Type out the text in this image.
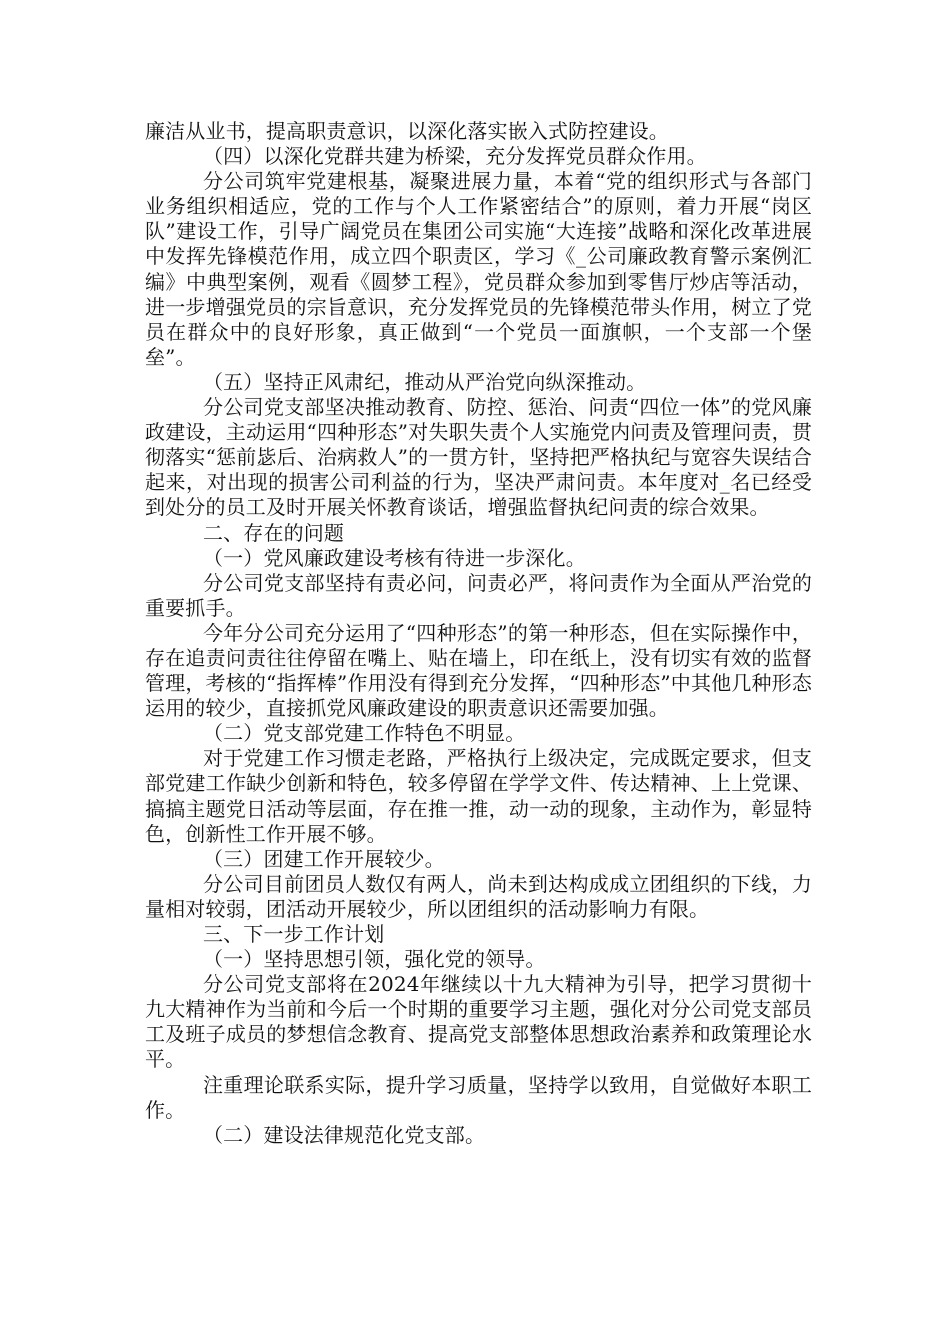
廉洁从业书，提高职责意识，以深化落实嵌入式防控建设。

（四）以深化党群共建为桥梁，充分发挥党员群众作用。

分公司筑牢党建根基，凝聚进展力量，本着“党的组织形式与各部门业务组织相适应，党的工作与个人工作紧密结合”的原则，着力开展“岗区队”建设工作，引导广阔党员在集团公司实施“大连接”战略和深化改革进展中发挥先锋模范作用，成立四个职责区，学习《_公司廉政教育警示案例汇编》中典型案例，观看《圆梦工程》，党员群众参加到零售厅炒店等活动，进一步增强党员的宗旨意识，充分发挥党员的先锋模范带头作用，树立了党员在群众中的良好形象，真正做到“一个党员一面旗帜，一个支部一个堡垒”。

（五）坚持正风肃纪，推动从严治党向纵深推动。

分公司党支部坚决推动教育、防控、惩治、问责“四位一体”的党风廉政建设，主动运用“四种形态”对失职失责个人实施党内问责及管理问责，贯彻落实“惩前毖后、治病救人”的一贯方针，坚持把严格执纪与宽容失误结合起来，对出现的损害公司利益的行为，坚决严肃问责。本年度对_名已经受到处分的员工及时开展关怀教育谈话，增强监督执纪问责的综合效果。

二、存在的问题

（一）党风廉政建设考核有待进一步深化。

分公司党支部坚持有责必问，问责必严，将问责作为全面从严治党的重要抓手。

今年分公司充分运用了“四种形态”的第一种形态，但在实际操作中，存在追责问责往往停留在嘴上、贴在墙上，印在纸上，没有切实有效的监督管理，考核的“指挥棒”作用没有得到充分发挥，“四种形态”中其他几种形态运用的较少，直接抓党风廉政建设的职责意识还需要加强。

（二）党支部党建工作特色不明显。

对于党建工作习惯走老路，严格执行上级决定，完成既定要求，但支部党建工作缺少创新和特色，较多停留在学学文件、传达精神、上上党课、搞搞主题党日活动等层面，存在推一推，动一动的现象，主动作为，彰显特色，创新性工作开展不够。

（三）团建工作开展较少。

分公司目前团员人数仅有两人，尚未到达构成成立团组织的下线，力量相对较弱，团活动开展较少，所以团组织的活动影响力有限。

三、下一步工作计划

（一）坚持思想引领，强化党的领导。

分公司党支部将在2024年继续以十九大精神为引导，把学习贯彻十九大精神作为当前和今后一个时期的重要学习主题，强化对分公司党支部员工及班子成员的梦想信念教育、提高党支部整体思想政治素养和政策理论水平。

注重理论联系实际，提升学习质量，坚持学以致用，自觉做好本职工作。

（二）建设法律规范化党支部。
